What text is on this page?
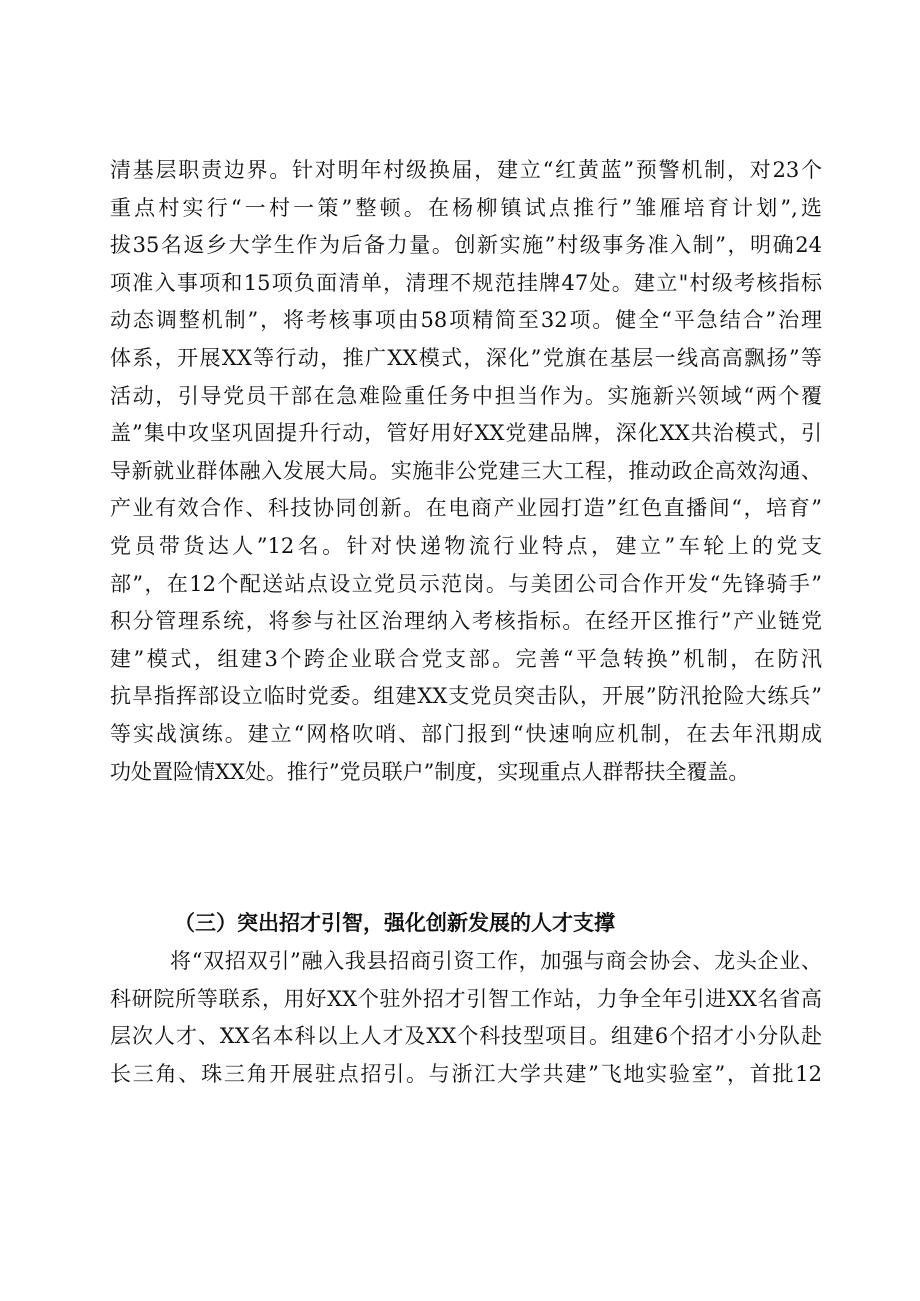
清基层职责边界。针对明年村级换届，建立“红黄蓝”预警机制，对23个
重点村实行“一村一策”整顿。在杨柳镇试点推行”雏雁培育计划”,选
拔35名返乡大学生作为后备力量。创新实施”村级事务准入制”，明确24
项准入事项和15项负面清单，清理不规范挂牌47处。建立"村级考核指标
动态调整机制”，将考核事项由58项精简至32项。健全“平急结合”治理
体系，开展XX等行动，推广XX模式，深化”党旗在基层一线高高飘扬”等
活动，引导党员干部在急难险重任务中担当作为。实施新兴领域“两个覆
盖”集中攻坚巩固提升行动，管好用好XX党建品牌，深化XX共治模式，引
导新就业群体融入发展大局。实施非公党建三大工程，推动政企高效沟通、
产业有效合作、科技协同创新。在电商产业园打造”红色直播间“，培育”
党员带货达人”12名。针对快递物流行业特点，建立”车轮上的党支
部”，在12个配送站点设立党员示范岗。与美团公司合作开发“先锋骑手”
积分管理系统，将参与社区治理纳入考核指标。在经开区推行”产业链党
建”模式，组建3个跨企业联合党支部。完善“平急转换”机制，在防汛
抗旱指挥部设立临时党委。组建XX支党员突击队，开展”防汛抢险大练兵”
等实战演练。建立“网格吹哨、部门报到“快速响应机制，在去年汛期成
功处置险情XX处。推行”党员联户”制度，实现重点人群帮扶全覆盖。
（三）突出招才引智，强化创新发展的人才支撑
将“双招双引”融入我县招商引资工作，加强与商会协会、龙头企业、
科研院所等联系，用好XX个驻外招才引智工作站，力争全年引进XX名省高
层次人才、XX名本科以上人才及XX个科技型项目。组建6个招才小分队赴
长三角、珠三角开展驻点招引。与浙江大学共建”飞地实验室”，首批12
